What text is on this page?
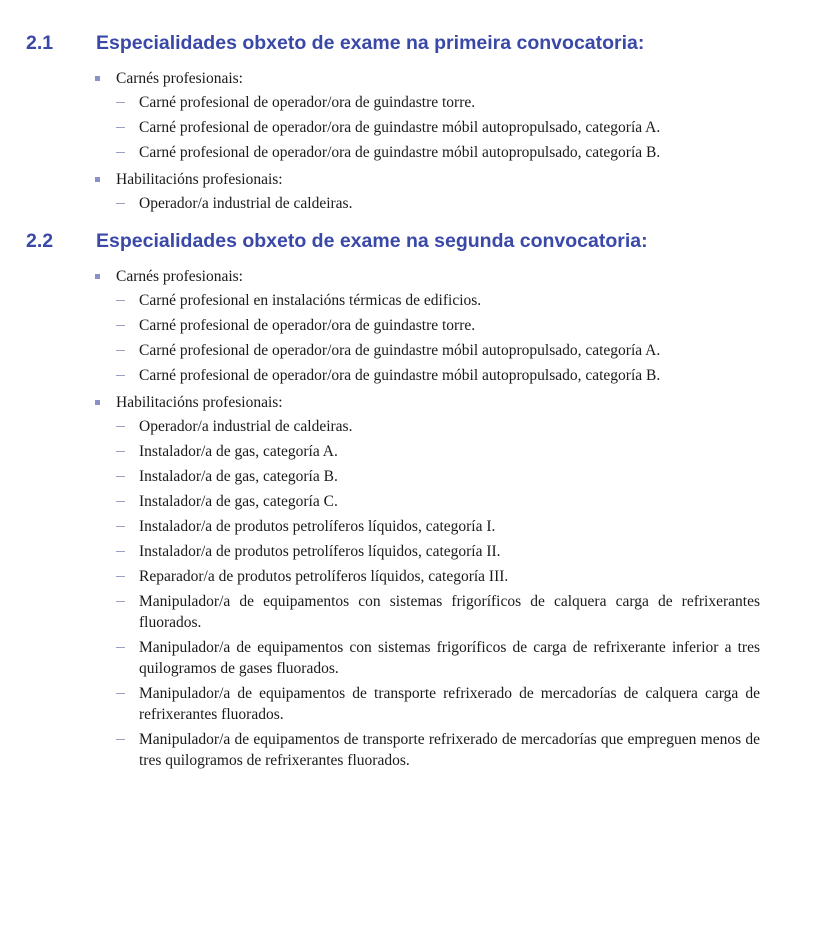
2.1 Especialidades obxeto de exame na primeira convocatoria:
Carnés profesionais:
Carné profesional de operador/ora de guindastre torre.
Carné profesional de operador/ora de guindastre móbil autopropulsado, categoría A.
Carné profesional de operador/ora de guindastre móbil autopropulsado, categoría B.
Habilitacións profesionais:
Operador/a industrial de caldeiras.
2.2 Especialidades obxeto de exame na segunda convocatoria:
Carnés profesionais:
Carné profesional en instalacións térmicas de edificios.
Carné profesional de operador/ora de guindastre torre.
Carné profesional de operador/ora de guindastre móbil autopropulsado, categoría A.
Carné profesional de operador/ora de guindastre móbil autopropulsado, categoría B.
Habilitacións profesionais:
Operador/a industrial de caldeiras.
Instalador/a de gas, categoría A.
Instalador/a de gas, categoría B.
Instalador/a de gas, categoría C.
Instalador/a de produtos petrolíferos líquidos, categoría I.
Instalador/a de produtos petrolíferos líquidos, categoría II.
Reparador/a de produtos petrolíferos líquidos, categoría III.
Manipulador/a de equipamentos con sistemas frigoríficos de calquera carga de refrixerantes fluorados.
Manipulador/a de equipamentos con sistemas frigoríficos de carga de refrixerante inferior a tres quilogramos de gases fluorados.
Manipulador/a de equipamentos de transporte refrixerado de mercadorías de calquera carga de refrixerantes fluorados.
Manipulador/a de equipamentos de transporte refrixerado de mercadorías que empreguen menos de tres quilogramos de refrixerantes fluorados.
